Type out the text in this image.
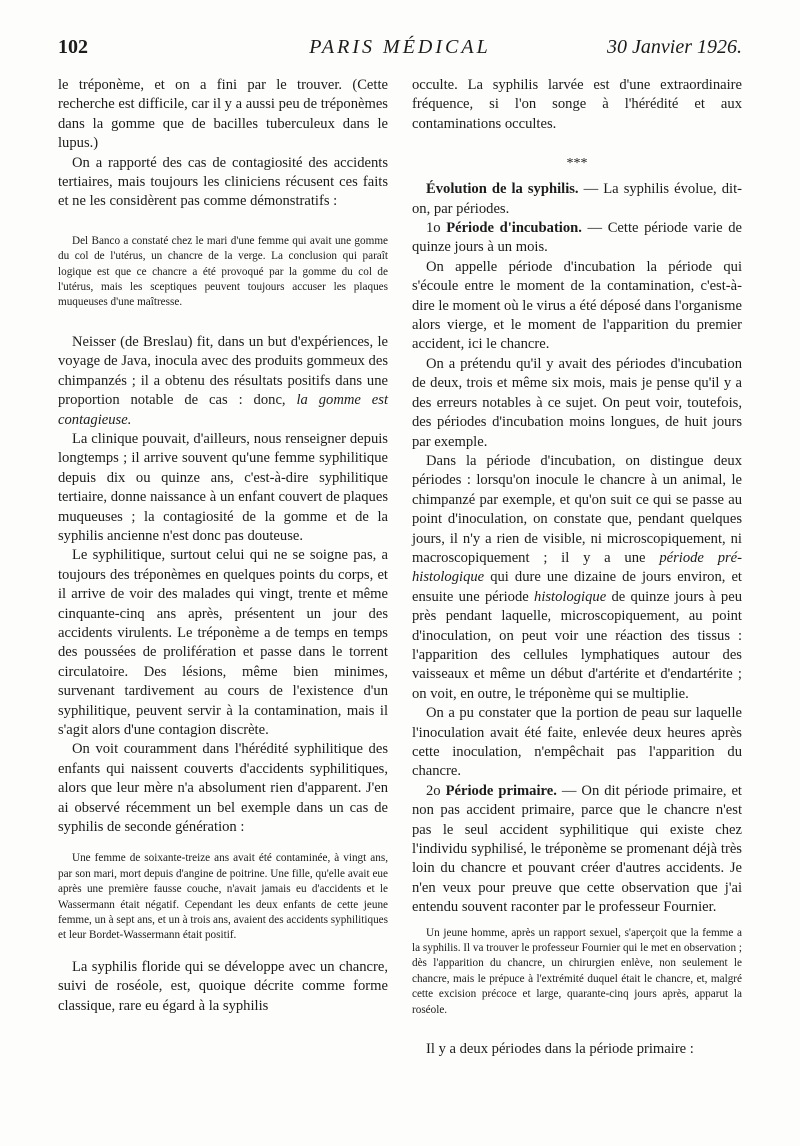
102	PARIS MÉDICAL	30 Janvier 1926.

le tréponème, et on a fini par le trouver. (Cette recherche est difficile, car il y a aussi peu de tréponèmes dans la gomme que de bacilles tuberculeux dans le lupus.)

On a rapporté des cas de contagiosité des accidents tertiaires, mais toujours les cliniciens récusent ces faits et ne les considèrent pas comme démonstratifs :

Del Banco a constaté chez le mari d'une femme qui avait une gomme du col de l'utérus, un chancre de la verge. La conclusion qui paraît logique est que ce chancre a été provoqué par la gomme du col de l'utérus, mais les sceptiques peuvent toujours accuser les plaques muqueuses d'une maîtresse.

Neisser (de Breslau) fit, dans un but d'expériences, le voyage de Java, inocula avec des produits gommeux des chimpanzés ; il a obtenu des résultats positifs dans une proportion notable de cas : donc, la gomme est contagieuse.

La clinique pouvait, d'ailleurs, nous renseigner depuis longtemps ; il arrive souvent qu'une femme syphilitique depuis dix ou quinze ans, c'est-à-dire syphilitique tertiaire, donne naissance à un enfant couvert de plaques muqueuses ; la contagiosité de la gomme et de la syphilis ancienne n'est donc pas douteuse.

Le syphilitique, surtout celui qui ne se soigne pas, a toujours des tréponèmes en quelques points du corps, et il arrive de voir des malades qui vingt, trente et même cinquante-cinq ans après, présentent un jour des accidents virulents. Le tréponème a de temps en temps des poussées de prolifération et passe dans le torrent circulatoire. Des lésions, même bien minimes, survenant tardivement au cours de l'existence d'un syphilitique, peuvent servir à la contamination, mais il s'agit alors d'une contagion discrète.

On voit couramment dans l'hérédité syphilitique des enfants qui naissent couverts d'accidents syphilitiques, alors que leur mère n'a absolument rien d'apparent. J'en ai observé récemment un bel exemple dans un cas de syphilis de seconde génération :

Une femme de soixante-treize ans avait été contaminée, à vingt ans, par son mari, mort depuis d'angine de poitrine. Une fille, qu'elle avait eue après une première fausse couche, n'avait jamais eu d'accidents et le Wassermann était négatif. Cependant les deux enfants de cette jeune femme, un à sept ans, et un à trois ans, avaient des accidents syphilitiques et leur Bordet-Wassermann était positif.

La syphilis floride qui se développe avec un chancre, suivi de roséole, est, quoique décrite comme forme classique, rare eu égard à la syphilis

occulte. La syphilis larvée est d'une extraordinaire fréquence, si l'on songe à l'hérédité et aux contaminations occultes.

***

Évolution de la syphilis. — La syphilis évolue, dit-on, par périodes.

1o Période d'incubation. — Cette période varie de quinze jours à un mois.

On appelle période d'incubation la période qui s'écoule entre le moment de la contamination, c'est-à-dire le moment où le virus a été déposé dans l'organisme alors vierge, et le moment de l'apparition du premier accident, ici le chancre.

On a prétendu qu'il y avait des périodes d'incubation de deux, trois et même six mois, mais je pense qu'il y a des erreurs notables à ce sujet. On peut voir, toutefois, des périodes d'incubation moins longues, de huit jours par exemple.

Dans la période d'incubation, on distingue deux périodes : lorsqu'on inocule le chancre à un animal, le chimpanzé par exemple, et qu'on suit ce qui se passe au point d'inoculation, on constate que, pendant quelques jours, il n'y a rien de visible, ni microscopiquement, ni macroscopiquement ; il y a une période pré-histologique qui dure une dizaine de jours environ, et ensuite une période histologique de quinze jours à peu près pendant laquelle, microscopiquement, au point d'inoculation, on peut voir une réaction des tissus : l'apparition des cellules lymphatiques autour des vaisseaux et même un début d'artérite et d'endartérite ; on voit, en outre, le tréponème qui se multiplie.

On a pu constater que la portion de peau sur laquelle l'inoculation avait été faite, enlevée deux heures après cette inoculation, n'empêchait pas l'apparition du chancre.

2o Période primaire. — On dit période primaire, et non pas accident primaire, parce que le chancre n'est pas le seul accident syphilitique qui existe chez l'individu syphilisé, le tréponème se promenant déjà très loin du chancre et pouvant créer d'autres accidents. Je n'en veux pour preuve que cette observation que j'ai entendu souvent raconter par le professeur Fournier.

Un jeune homme, après un rapport sexuel, s'aperçoit que la femme a la syphilis. Il va trouver le professeur Fournier qui le met en observation ; dès l'apparition du chancre, un chirurgien enlève, non seulement le chancre, mais le prépuce à l'extrémité duquel était le chancre, et, malgré cette excision précoce et large, quarante-cinq jours après, apparut la roséole.

Il y a deux périodes dans la période primaire :
